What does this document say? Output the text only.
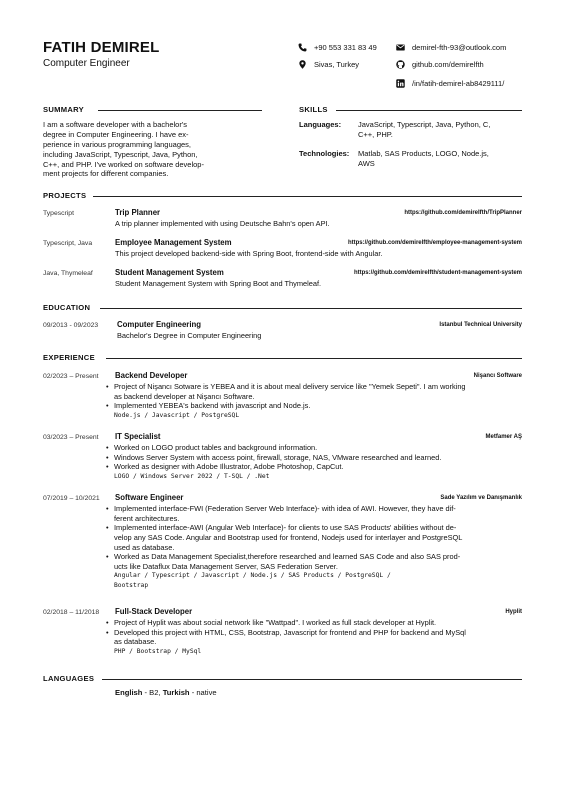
FATIH DEMIREL
Computer Engineer
+90 553 331 83 49	demirel-fth-93@outlook.com
Sivas, Turkey	github.com/demirelfth
/in/fatih-demirel-ab8429111/
SUMMARY
I am a software developer with a bachelor's
degree in Computer Engineering. I have ex-
perience in various programming languages,
including JavaScript, Typescript, Java, Python,
C++, and PHP. I've worked on software develop-
ment projects for different companies.
SKILLS
Languages: JavaScript, Typescript, Java, Python, C,
C++, PHP.
Technologies: Matlab, SAS Products, LOGO, Node.js,
AWS
PROJECTS
Typescript	Trip Planner	https://github.com/demirelfth/TripPlanner
A trip planner implemented with using Deutsche Bahn's open API.
Typescript, Java	Employee Management System	https://github.com/demirelfth/employee-management-system
This project developed backend-side with Spring Boot, frontend-side with Angular.
Java, Thymeleaf	Student Management System	https://github.com/demirelfth/student-management-system
Student Management System with Spring Boot and Thymeleaf.
EDUCATION
09/2013 - 09/2023 Computer Engineering	Istanbul Technical University
Bachelor's Degree in Computer Engineering
EXPERIENCE
02/2023 – Present Backend Developer	Nişancı Software
• Project of Nişancı Sotware is YEBEA and it is about meal delivery service like "Yemek Sepeti". I am working
as backend developer at Nişancı Software.
• Implemented YEBEA's backend with javascript and Node.js.
Node.js / Javascript / PostgreSQL
03/2023 – Present IT Specialist	Metfamer AŞ
• Worked on LOGO product tables and background information.
• Windows Server System with access point, firewall, storage, NAS, VMware researched and learned.
• Worked as designer with Adobe Illustrator, Adobe Photoshop, CapCut.
LOGO / Windows Server 2022 / T-SQL / .Net
07/2019 – 10/2021 Software Engineer	Sade Yazılım ve Danışmanlık
• Implemented interface-FWI (Federation Server Web Interface)- with idea of AWI. However, they have dif-
ferent architectures.
• Implemented interface-AWI (Angular Web Interface)- for clients to use SAS Products' abilities without de-
velop any SAS Code. Angular and Bootstrap used for frontend, Nodejs used for interlayer and PostgreSQL
used as database.
• Worked as Data Management Specialist,therefore researched and learned SAS Code and also SAS prod-
ucts like Dataflux Data Management Server, SAS Federation Server.
Angular / Typescript / Javascript / Node.js / SAS Products / PostgreSQL /
Bootstrap
02/2018 – 11/2018 Full-Stack Developer	Hyplit
• Project of Hyplit was about social network like "Wattpad". I worked as full stack developer at Hyplit.
• Developed this project with HTML, CSS, Bootstrap, Javascript for frontend and PHP for backend and MySql
as database.
PHP / Bootstrap / MySql
LANGUAGES
English - B2, Turkish - native
